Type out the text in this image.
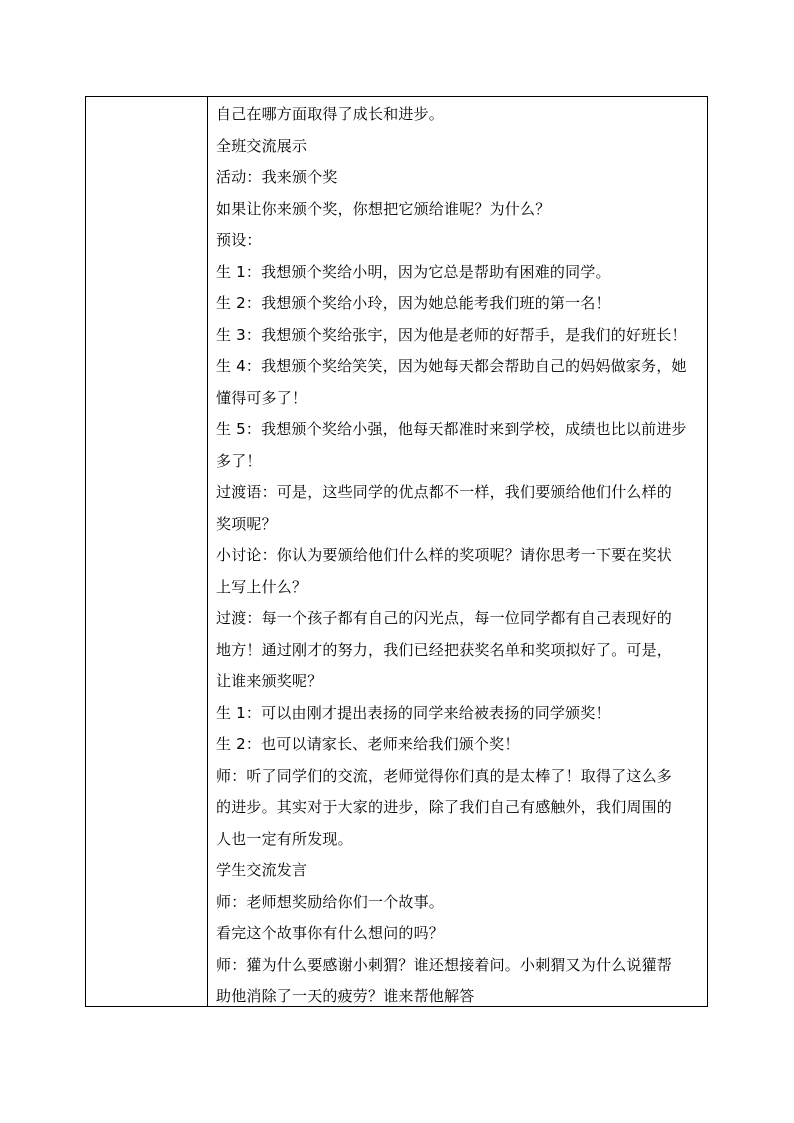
自己在哪方面取得了成长和进步。
全班交流展示
活动：我来颁个奖
如果让你来颁个奖，你想把它颁给谁呢？为什么？
预设：
生 1：我想颁个奖给小明，因为它总是帮助有困难的同学。
生 2：我想颁个奖给小玲，因为她总能考我们班的第一名！
生 3：我想颁个奖给张宇，因为他是老师的好帮手，是我们的好班长！
生 4：我想颁个奖给笑笑，因为她每天都会帮助自己的妈妈做家务，她
懂得可多了！
生 5：我想颁个奖给小强，他每天都准时来到学校，成绩也比以前进步
多了！
过渡语：可是，这些同学的优点都不一样，我们要颁给他们什么样的
奖项呢？
小讨论：你认为要颁给他们什么样的奖项呢？请你思考一下要在奖状
上写上什么？
过渡：每一个孩子都有自己的闪光点，每一位同学都有自己表现好的
地方！通过刚才的努力，我们已经把获奖名单和奖项拟好了。可是，
让谁来颁奖呢？
生 1：可以由刚才提出表扬的同学来给被表扬的同学颁奖！
生 2：也可以请家长、老师来给我们颁个奖！
师：听了同学们的交流，老师觉得你们真的是太棒了！取得了这么多
的进步。其实对于大家的进步，除了我们自己有感触外，我们周围的
人也一定有所发现。
学生交流发言
师：老师想奖励给你们一个故事。
看完这个故事你有什么想问的吗？
师：獾为什么要感谢小刺猬？谁还想接着问。小刺猬又为什么说獾帮
助他消除了一天的疲劳？谁来帮他解答
